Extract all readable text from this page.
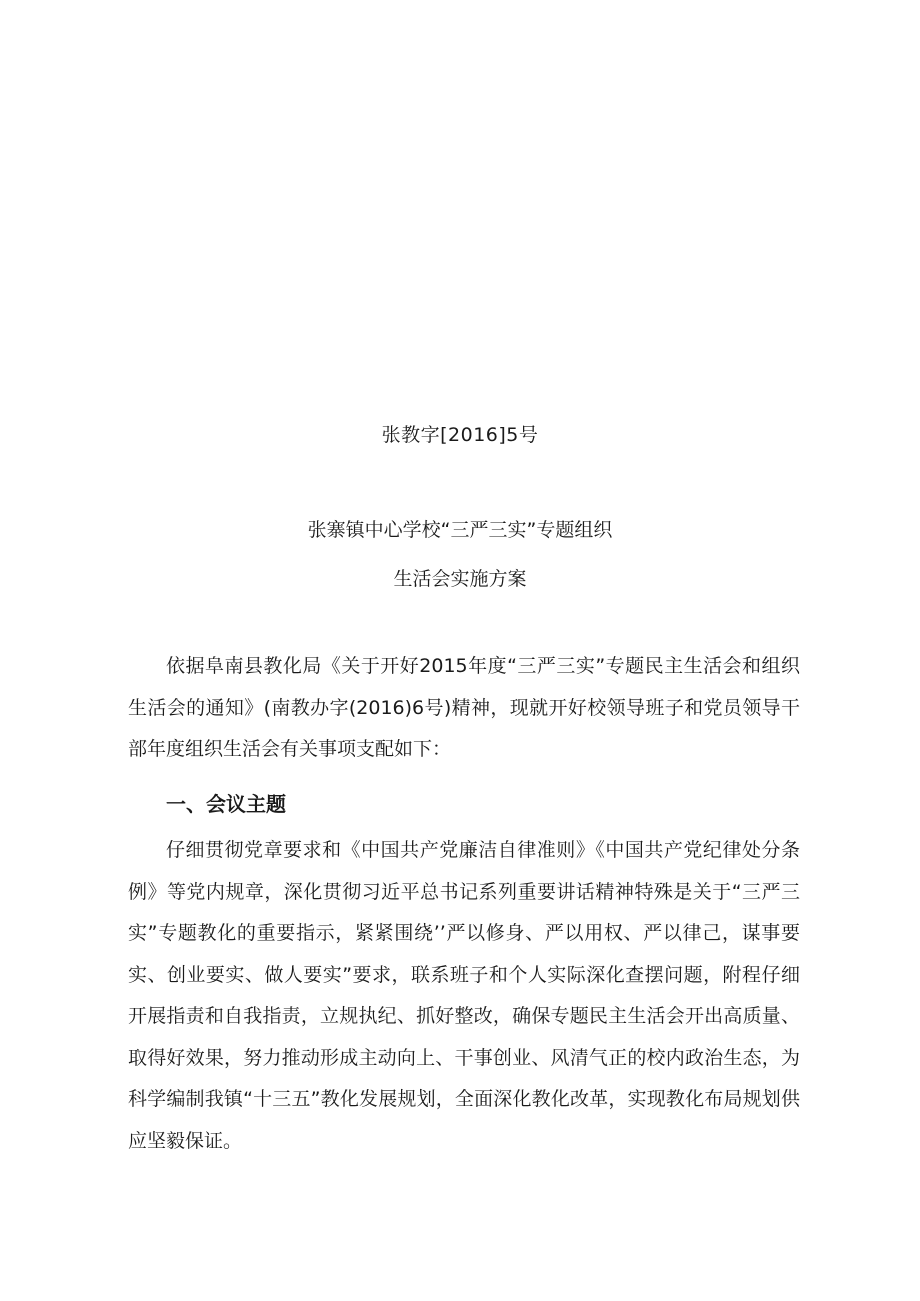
张教字[2016]5号
张寨镇中心学校“三严三实”专题组织
生活会实施方案

依据阜南县教化局《关于开好2015年度“三严三实”专题民主生活会和组织生活会的通知》(南教办字(2016)6号)精神，现就开好校领导班子和党员领导干部年度组织生活会有关事项支配如下：

一、会议主题

仔细贯彻党章要求和《中国共产党廉洁自律准则》《中国共产党纪律处分条例》等党内规章，深化贯彻习近平总书记系列重要讲话精神特殊是关于“三严三实”专题教化的重要指示，紧紧围绕’’严以修身、严以用权、严以律己，谋事要实、创业要实、做人要实”要求，联系班子和个人实际深化查摆问题，附程仔细开展指责和自我指责，立规执纪、抓好整改，确保专题民主生活会开出高质量、取得好效果，努力推动形成主动向上、干事创业、风清气正的校内政治生态，为科学编制我镇“十三五”教化发展规划，全面深化教化改革，实现教化布局规划供应坚毅保证。
